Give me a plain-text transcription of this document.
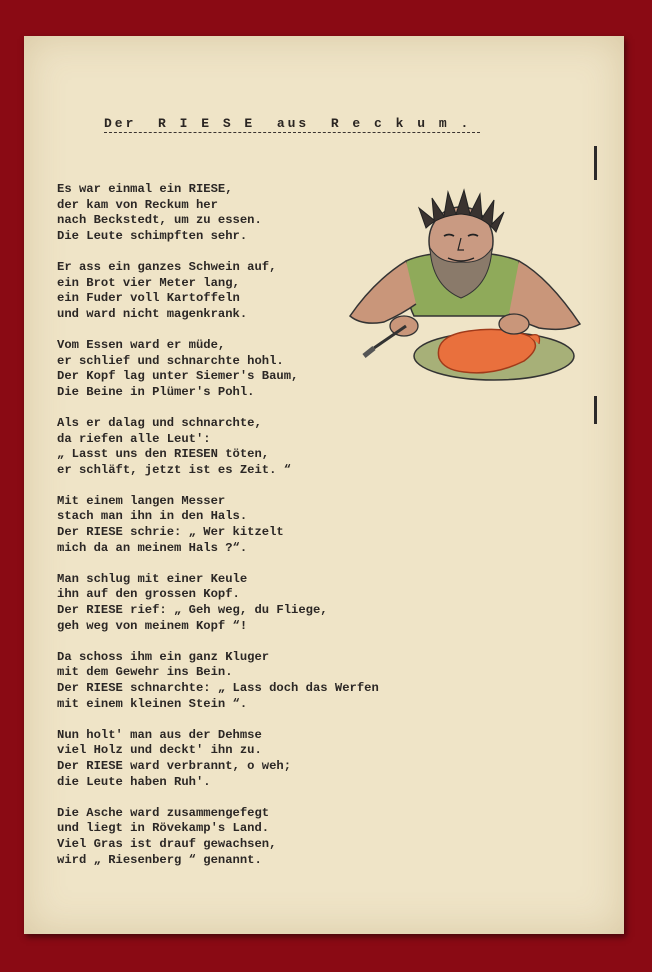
Der  R I E S E  aus  R e c k u m .
Es war einmal ein RIESE,
der kam von Reckum her
nach Beckstedt, um zu essen.
Die Leute schimpften sehr.
Er ass ein ganzes Schwein auf,
ein Brot vier Meter lang,
ein Fuder voll Kartoffeln
und ward nicht magenkrank.
Vom Essen ward er müde,
er schlief und schnarchte hohl.
Der Kopf lag unter Siemer's Baum,
Die Beine in Plümer's Pohl.
Als er dalag und schnarchte,
da riefen alle Leut':
„ Lasst uns den RIESEN töten,
er schläft, jetzt ist es Zeit. “
Mit einem langen Messer
stach man ihn in den Hals.
Der RIESE schrie: „ Wer kitzelt
mich da an meinem Hals ?“.
Man schlug mit einer Keule
ihn auf den grossen Kopf.
Der RIESE rief: „ Geh weg, du Fliege,
geh weg von meinem Kopf “!
Da schoss ihm ein ganz Kluger
mit dem Gewehr ins Bein.
Der RIESE schnarchte: „ Lass doch das Werfen
mit einem kleinen Stein “.
Nun holt' man aus der Dehmse
viel Holz und deckt' ihn zu.
Der RIESE ward verbrannt, o weh;
die Leute haben Ruh'.
Die Asche ward zusammengefegt
und liegt in Rövekamp's Land.
Viel Gras ist drauf gewachsen,
wird „ Riesenberg “ genannt.
